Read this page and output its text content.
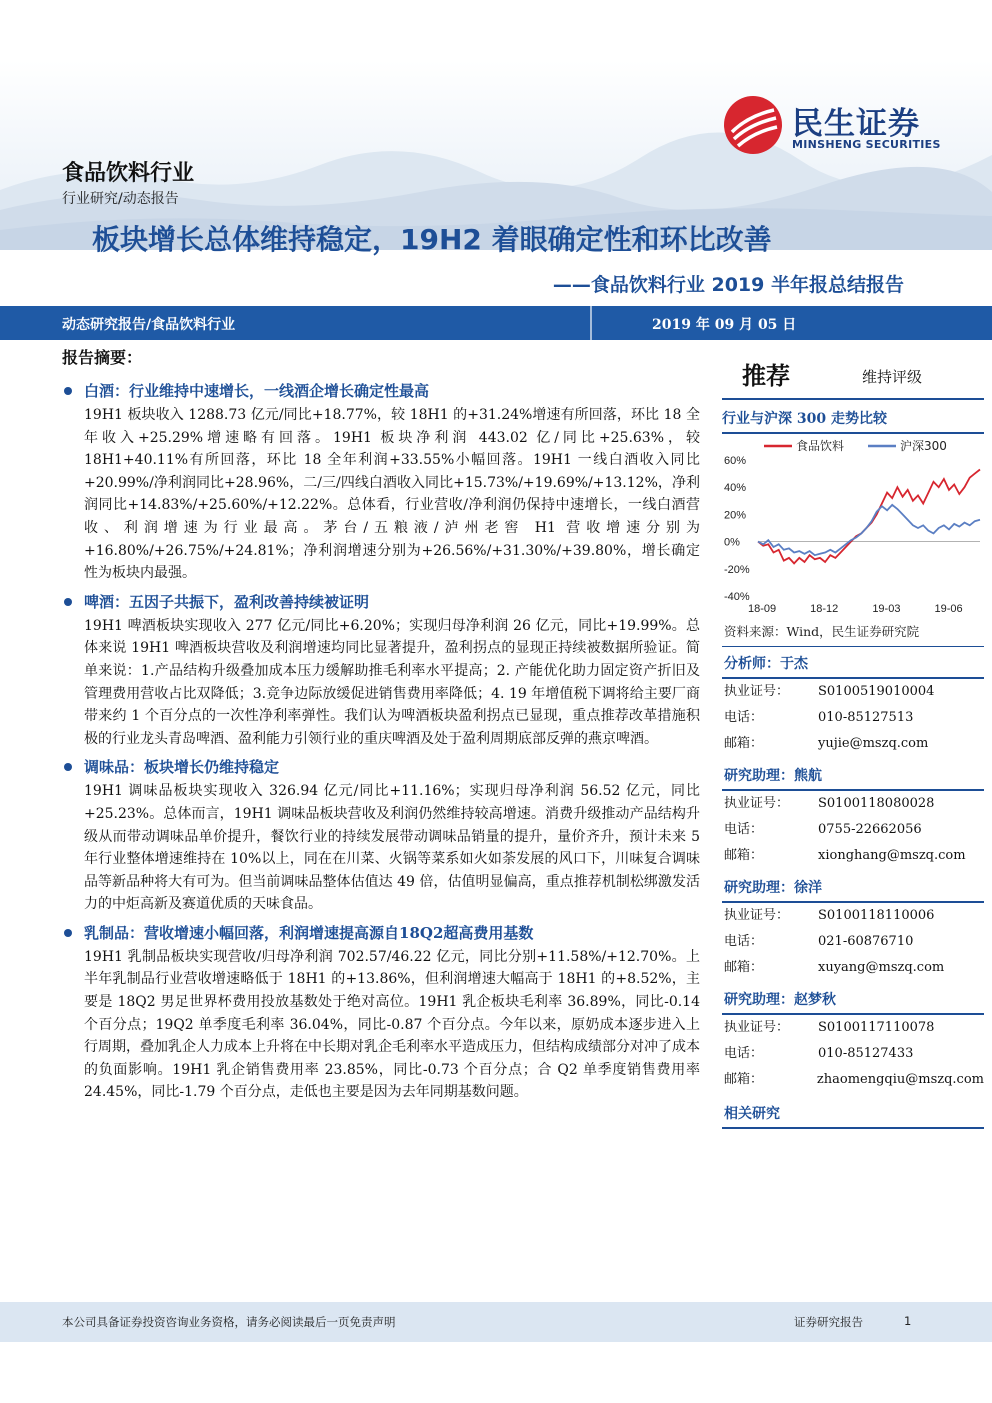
民生证券
MINSHENG SECURITIES
食品饮料行业
行业研究/动态报告
板块增长总体维持稳定，19H2 着眼确定性和环比改善
——食品饮料行业 2019 半年报总结报告
动态研究报告/食品饮料行业	2019 年 09 月 05 日
报告摘要：
白酒：行业维持中速增长，一线酒企增长确定性最高
19H1 板块收入 1288.73 亿元/同比+18.77%，较 18H1 的+31.24%增速有所回落，环比 18 全年收入+25.29%增速略有回落。19H1 板块净利润 443.02 亿/同比+25.63%，较 18H1+40.11%有所回落，环比 18 全年利润+33.55%小幅回落。19H1 一线白酒收入同比+20.99%/净利润同比+28.96%，二/三/四线白酒收入同比+15.73%/+19.69%/+13.12%，净利润同比+14.83%/+25.60%/+12.22%。总体看，行业营收/净利润仍保持中速增长，一线白酒营收、利润增速为行业最高。茅台/五粮液/泸州老窖 H1 营收增速分别为+16.80%/+26.75%/+24.81%；净利润增速分别为+26.56%/+31.30%/+39.80%，增长确定性为板块内最强。
啤酒：五因子共振下，盈利改善持续被证明
19H1 啤酒板块实现收入 277 亿元/同比+6.20%；实现归母净利润 26 亿元，同比+19.99%。总体来说 19H1 啤酒板块营收及利润增速均同比显著提升，盈利拐点的显现正持续被数据所验证。简单来说：1.产品结构升级叠加成本压力缓解助推毛利率水平提高；2. 产能优化助力固定资产折旧及管理费用营收占比双降低；3.竞争边际放缓促进销售费用率降低；4. 19 年增值税下调将给主要厂商带来约 1 个百分点的一次性净利率弹性。我们认为啤酒板块盈利拐点已显现，重点推荐改革措施积极的行业龙头青岛啤酒、盈利能力引领行业的重庆啤酒及处于盈利周期底部反弹的燕京啤酒。
调味品：板块增长仍维持稳定
19H1 调味品板块实现收入 326.94 亿元/同比+11.16%；实现归母净利润 56.52 亿元，同比+25.23%。总体而言，19H1 调味品板块营收及利润仍然维持较高增速。消费升级推动产品结构升级从而带动调味品单价提升，餐饮行业的持续发展带动调味品销量的提升，量价齐升，预计未来 5 年行业整体增速维持在 10%以上，同在在川菜、火锅等菜系如火如荼发展的风口下，川味复合调味品等新品种将大有可为。但当前调味品整体估值达 49 倍，估值明显偏高，重点推荐机制松绑激发活力的中炬高新及赛道优质的天味食品。
乳制品：营收增速小幅回落，利润增速提高源自18Q2超高费用基数
19H1 乳制品板块实现营收/归母净利润 702.57/46.22 亿元，同比分别+11.58%/+12.70%。上半年乳制品行业营收增速略低于 18H1 的+13.86%，但利润增速大幅高于 18H1 的+8.52%，主要是 18Q2 男足世界杯费用投放基数处于绝对高位。19H1 乳企板块毛利率 36.89%，同比-0.14 个百分点；19Q2 单季度毛利率 36.04%，同比-0.87 个百分点。今年以来，原奶成本逐步进入上行周期，叠加乳企人力成本上升将在中长期对乳企毛利率水平造成压力，但结构成绩部分对冲了成本的负面影响。19H1 乳企销售费用率 23.85%，同比-0.73 个百分点；合 Q2 单季度销售费用率 24.45%，同比-1.79 个百分点，走低也主要是因为去年同期基数问题。
推荐	维持评级
行业与沪深 300 走势比较
60%
40%
20%
0%
-20%
-40%
18-09	18-12	19-03	19-06
食品饮料	沪深300
资料来源：Wind，民生证券研究院
分析师：于杰
执业证号：	S0100519010004
电话：	010-85127513
邮箱：	yujie@mszq.com
研究助理：熊航
执业证号：	S0100118080028
电话：	0755-22662056
邮箱：	xionghang@mszq.com
研究助理：徐洋
执业证号：	S0100118110006
电话：	021-60876710
邮箱：	xuyang@mszq.com
研究助理：赵梦秋
执业证号：	S0100117110078
电话：	010-85127433
邮箱：	zhaomengqiu@mszq.com
相关研究
本公司具备证券投资咨询业务资格，请务必阅读最后一页免责声明	证券研究报告	1
